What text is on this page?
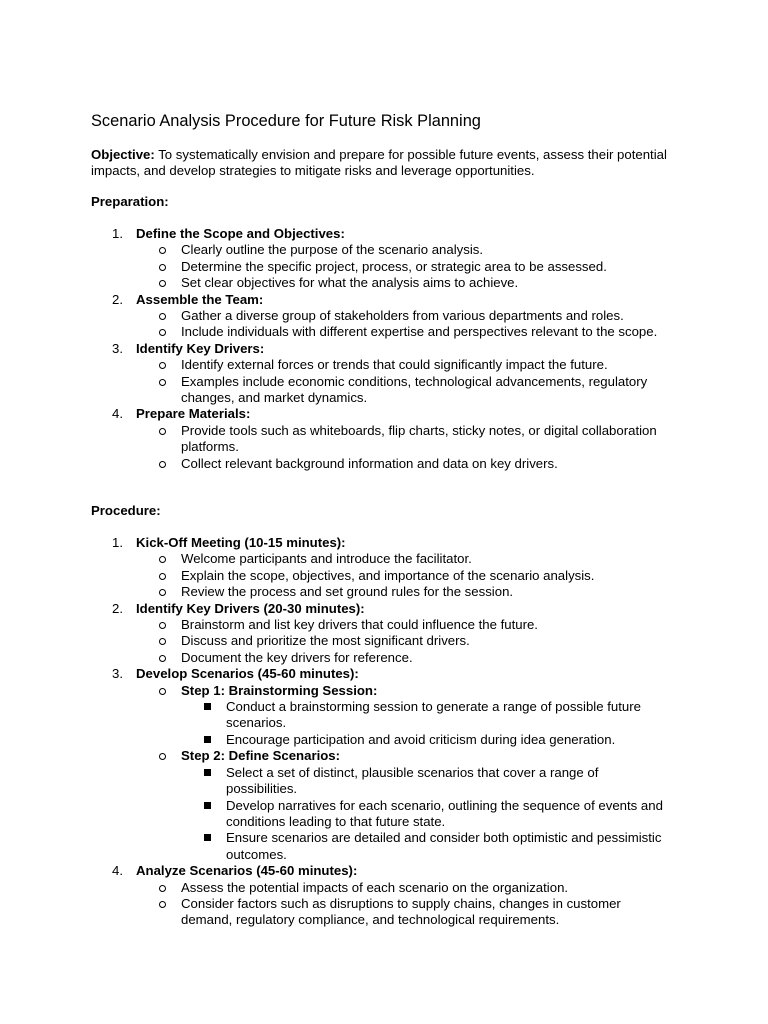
Scenario Analysis Procedure for Future Risk Planning
Objective: To systematically envision and prepare for possible future events, assess their potential impacts, and develop strategies to mitigate risks and leverage opportunities.
Preparation:
1. Define the Scope and Objectives:
Clearly outline the purpose of the scenario analysis.
Determine the specific project, process, or strategic area to be assessed.
Set clear objectives for what the analysis aims to achieve.
2. Assemble the Team:
Gather a diverse group of stakeholders from various departments and roles.
Include individuals with different expertise and perspectives relevant to the scope.
3. Identify Key Drivers:
Identify external forces or trends that could significantly impact the future.
Examples include economic conditions, technological advancements, regulatory changes, and market dynamics.
4. Prepare Materials:
Provide tools such as whiteboards, flip charts, sticky notes, or digital collaboration platforms.
Collect relevant background information and data on key drivers.
Procedure:
1. Kick-Off Meeting (10-15 minutes):
Welcome participants and introduce the facilitator.
Explain the scope, objectives, and importance of the scenario analysis.
Review the process and set ground rules for the session.
2. Identify Key Drivers (20-30 minutes):
Brainstorm and list key drivers that could influence the future.
Discuss and prioritize the most significant drivers.
Document the key drivers for reference.
3. Develop Scenarios (45-60 minutes):
Step 1: Brainstorming Session:
Conduct a brainstorming session to generate a range of possible future scenarios.
Encourage participation and avoid criticism during idea generation.
Step 2: Define Scenarios:
Select a set of distinct, plausible scenarios that cover a range of possibilities.
Develop narratives for each scenario, outlining the sequence of events and conditions leading to that future state.
Ensure scenarios are detailed and consider both optimistic and pessimistic outcomes.
4. Analyze Scenarios (45-60 minutes):
Assess the potential impacts of each scenario on the organization.
Consider factors such as disruptions to supply chains, changes in customer demand, regulatory compliance, and technological requirements.
